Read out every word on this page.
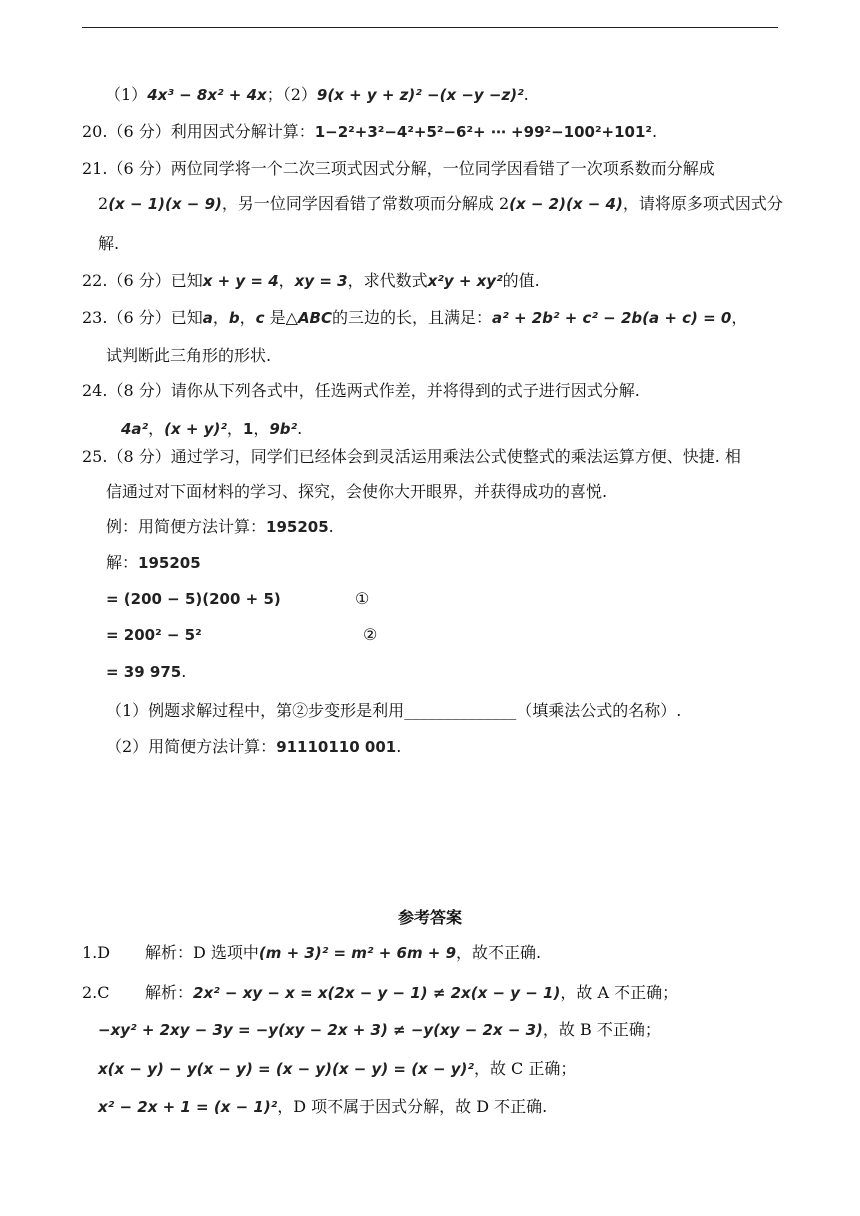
（1）4x³ − 8x² + 4x；（2）9(x + y + z)² −(x −y −z)².
20.（6 分）利用因式分解计算：1−2²+3²−4²+5²−6²+ ⋯ +99²−100²+101².
21.（6 分）两位同学将一个二次三项式因式分解，一位同学因看错了一次项系数而分解成
2(x − 1)(x − 9)，另一位同学因看错了常数项而分解成 2(x − 2)(x − 4)，请将原多项式因式分
解.
22.（6 分）已知x + y = 4，xy = 3，求代数式x²y + xy²的值.
23.（6 分）已知a，b，c 是△ABC的三边的长，且满足：a² + 2b² + c² − 2b(a + c) = 0，
试判断此三角形的形状.
24.（8 分）请你从下列各式中，任选两式作差，并将得到的式子进行因式分解.
4a²，(x + y)²，1，9b².
25.（8 分）通过学习，同学们已经体会到灵活运用乘法公式使整式的乘法运算方便、快捷. 相
信通过对下面材料的学习、探究，会使你大开眼界，并获得成功的喜悦.
例：用简便方法计算：195205.
解：195205
= (200 − 5)(200 + 5)	①
= 200² − 5²	②
= 39 975.
（1）例题求解过程中，第②步变形是利用______________（填乘法公式的名称）.
（2）用简便方法计算：91110110 001.
参考答案
1.D 解析：D 选项中(m + 3)² = m² + 6m + 9，故不正确.
2.C 解析：2x² − xy − x = x(2x − y − 1) ≠ 2x(x − y − 1)，故 A 不正确；
−xy² + 2xy − 3y = −y(xy − 2x + 3) ≠ −y(xy − 2x − 3)，故 B 不正确；
x(x − y) − y(x − y) = (x − y)(x − y) = (x − y)²，故 C 正确；
x² − 2x + 1 = (x − 1)²，D 项不属于因式分解，故 D 不正确.
